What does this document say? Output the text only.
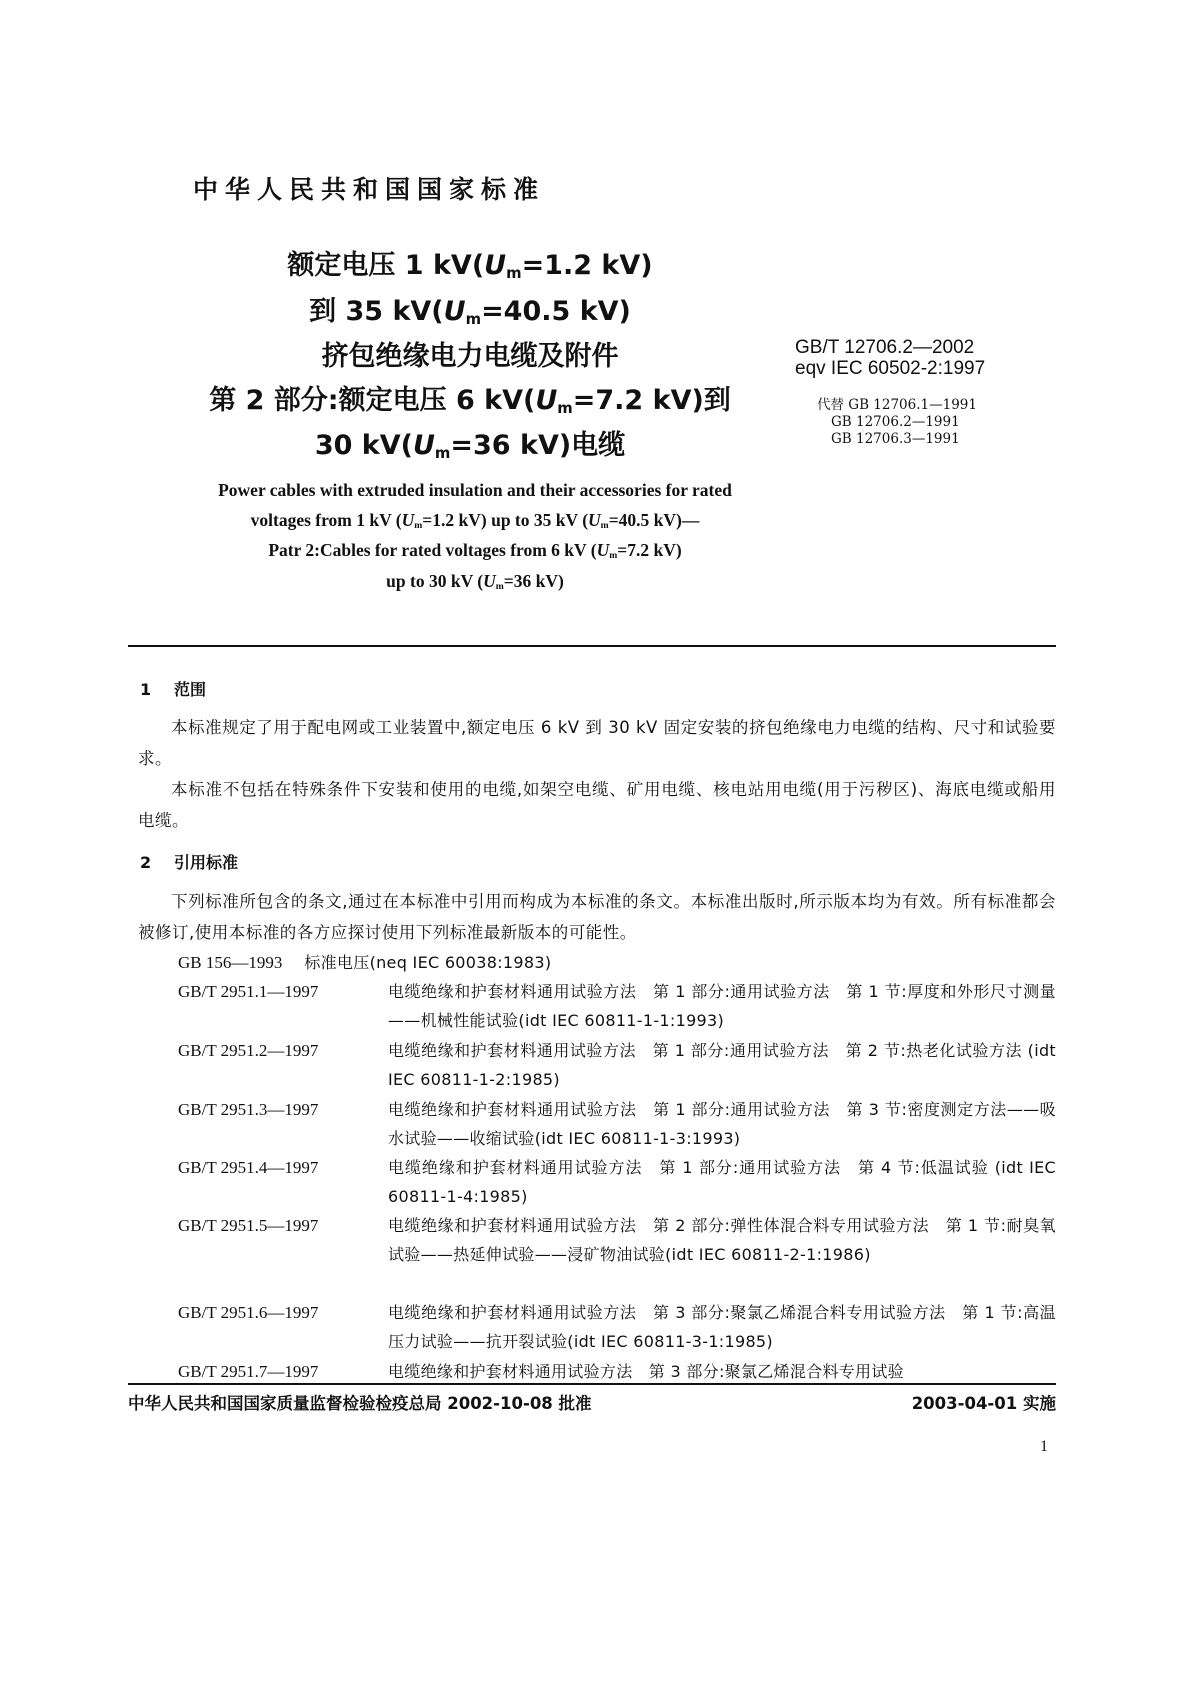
中华人民共和国国家标准
额定电压 1 $kV(U_m=1.2$ kV)
到 35 $kV(U_m=40.5$ kV)
挤包绝缘电力电缆及附件
第 2 部分:额定电压 6 $kV(U_m=7.2$ kV)到
30 $kV(U_m=36$ kV)电缆
GB/T 12706.2—2002
eqv IEC 60502-2:1997
代替 GB 12706.1—1991
GB 12706.2—1991
GB 12706.3—1991
Power cables with extruded insulation and their accessories for rated
voltages from 1 kV ($U_m=1.2$ kV) up to 35 kV ($U_m=40.5$ kV)—
Patr 2:Cables for rated voltages from 6 kV ($U_m=7.2$ kV)
up to 30 kV ($U_m=36$ kV)
1 范围
本标准规定了用于配电网或工业装置中,额定电压 6 kV 到 30 kV 固定安装的挤包绝缘电力电缆的结构、尺寸和试验要求。
本标准不包括在特殊条件下安装和使用的电缆,如架空电缆、矿用电缆、核电站用电缆(用于污秽区)、海底电缆或船用电缆。
2 引用标准
下列标准所包含的条文,通过在本标准中引用而构成为本标准的条文。本标准出版时,所示版本均为有效。所有标准都会被修订,使用本标准的各方应探讨使用下列标准最新版本的可能性。
GB 156—1993 标准电压(neq IEC 60038:1983)
GB/T 2951.1—1997	电缆绝缘和护套材料通用试验方法　第 1 部分:通用试验方法　第 1 节:厚度和外形尺寸测量——机械性能试验(idt IEC 60811-1-1:1993)
GB/T 2951.2—1997	电缆绝缘和护套材料通用试验方法　第 1 部分:通用试验方法　第 2 节:热老化试验方法 (idt IEC 60811-1-2:1985)
GB/T 2951.3—1997	电缆绝缘和护套材料通用试验方法　第 1 部分:通用试验方法　第 3 节:密度测定方法——吸水试验——收缩试验(idt IEC 60811-1-3:1993)
GB/T 2951.4—1997	电缆绝缘和护套材料通用试验方法　第 1 部分:通用试验方法　第 4 节:低温试验 (idt IEC 60811-1-4:1985)
GB/T 2951.5—1997	电缆绝缘和护套材料通用试验方法　第 2 部分:弹性体混合料专用试验方法　第 1 节:耐臭氧试验——热延伸试验——浸矿物油试验(idt IEC 60811-2-1:1986)
GB/T 2951.6—1997	电缆绝缘和护套材料通用试验方法　第 3 部分:聚氯乙烯混合料专用试验方法　第 1 节:高温压力试验——抗开裂试验(idt IEC 60811-3-1:1985)
GB/T 2951.7—1997	电缆绝缘和护套材料通用试验方法　第 3 部分:聚氯乙烯混合料专用试验
中华人民共和国国家质量监督检验检疫总局 2002-10-08 批准	2003-04-01 实施
1
